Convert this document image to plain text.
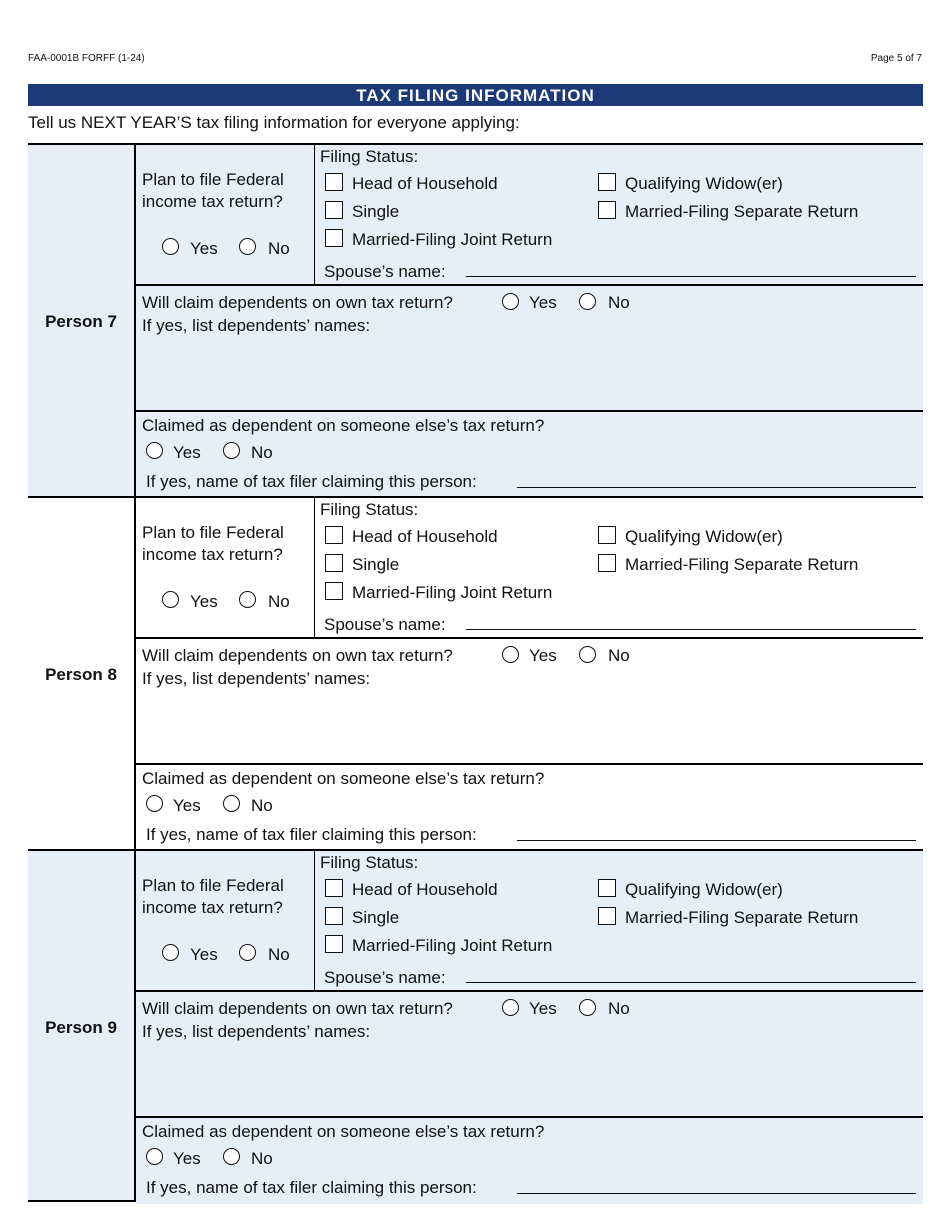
FAA-0001B FORFF (1-24)	Page 5 of 7
TAX FILING INFORMATION
Tell us NEXT YEAR’S tax filing information for everyone applying:
Person 7
Plan to file Federal
income tax return?
Yes	No
Filing Status:
Head of Household
Single
Married-Filing Joint Return
Qualifying Widow(er)
Married-Filing Separate Return
Spouse’s name:
Will claim dependents on own tax return?	Yes	No
If yes, list dependents’ names:
Claimed as dependent on someone else’s tax return?
Yes	No
If yes, name of tax filer claiming this person:
Person 8
Plan to file Federal
income tax return?
Yes	No
Filing Status:
Head of Household
Single
Married-Filing Joint Return
Qualifying Widow(er)
Married-Filing Separate Return
Spouse’s name:
Will claim dependents on own tax return?	Yes	No
If yes, list dependents’ names:
Claimed as dependent on someone else’s tax return?
Yes	No
If yes, name of tax filer claiming this person:
Person 9
Plan to file Federal
income tax return?
Yes	No
Filing Status:
Head of Household
Single
Married-Filing Joint Return
Qualifying Widow(er)
Married-Filing Separate Return
Spouse’s name:
Will claim dependents on own tax return?	Yes	No
If yes, list dependents’ names:
Claimed as dependent on someone else’s tax return?
Yes	No
If yes, name of tax filer claiming this person:
